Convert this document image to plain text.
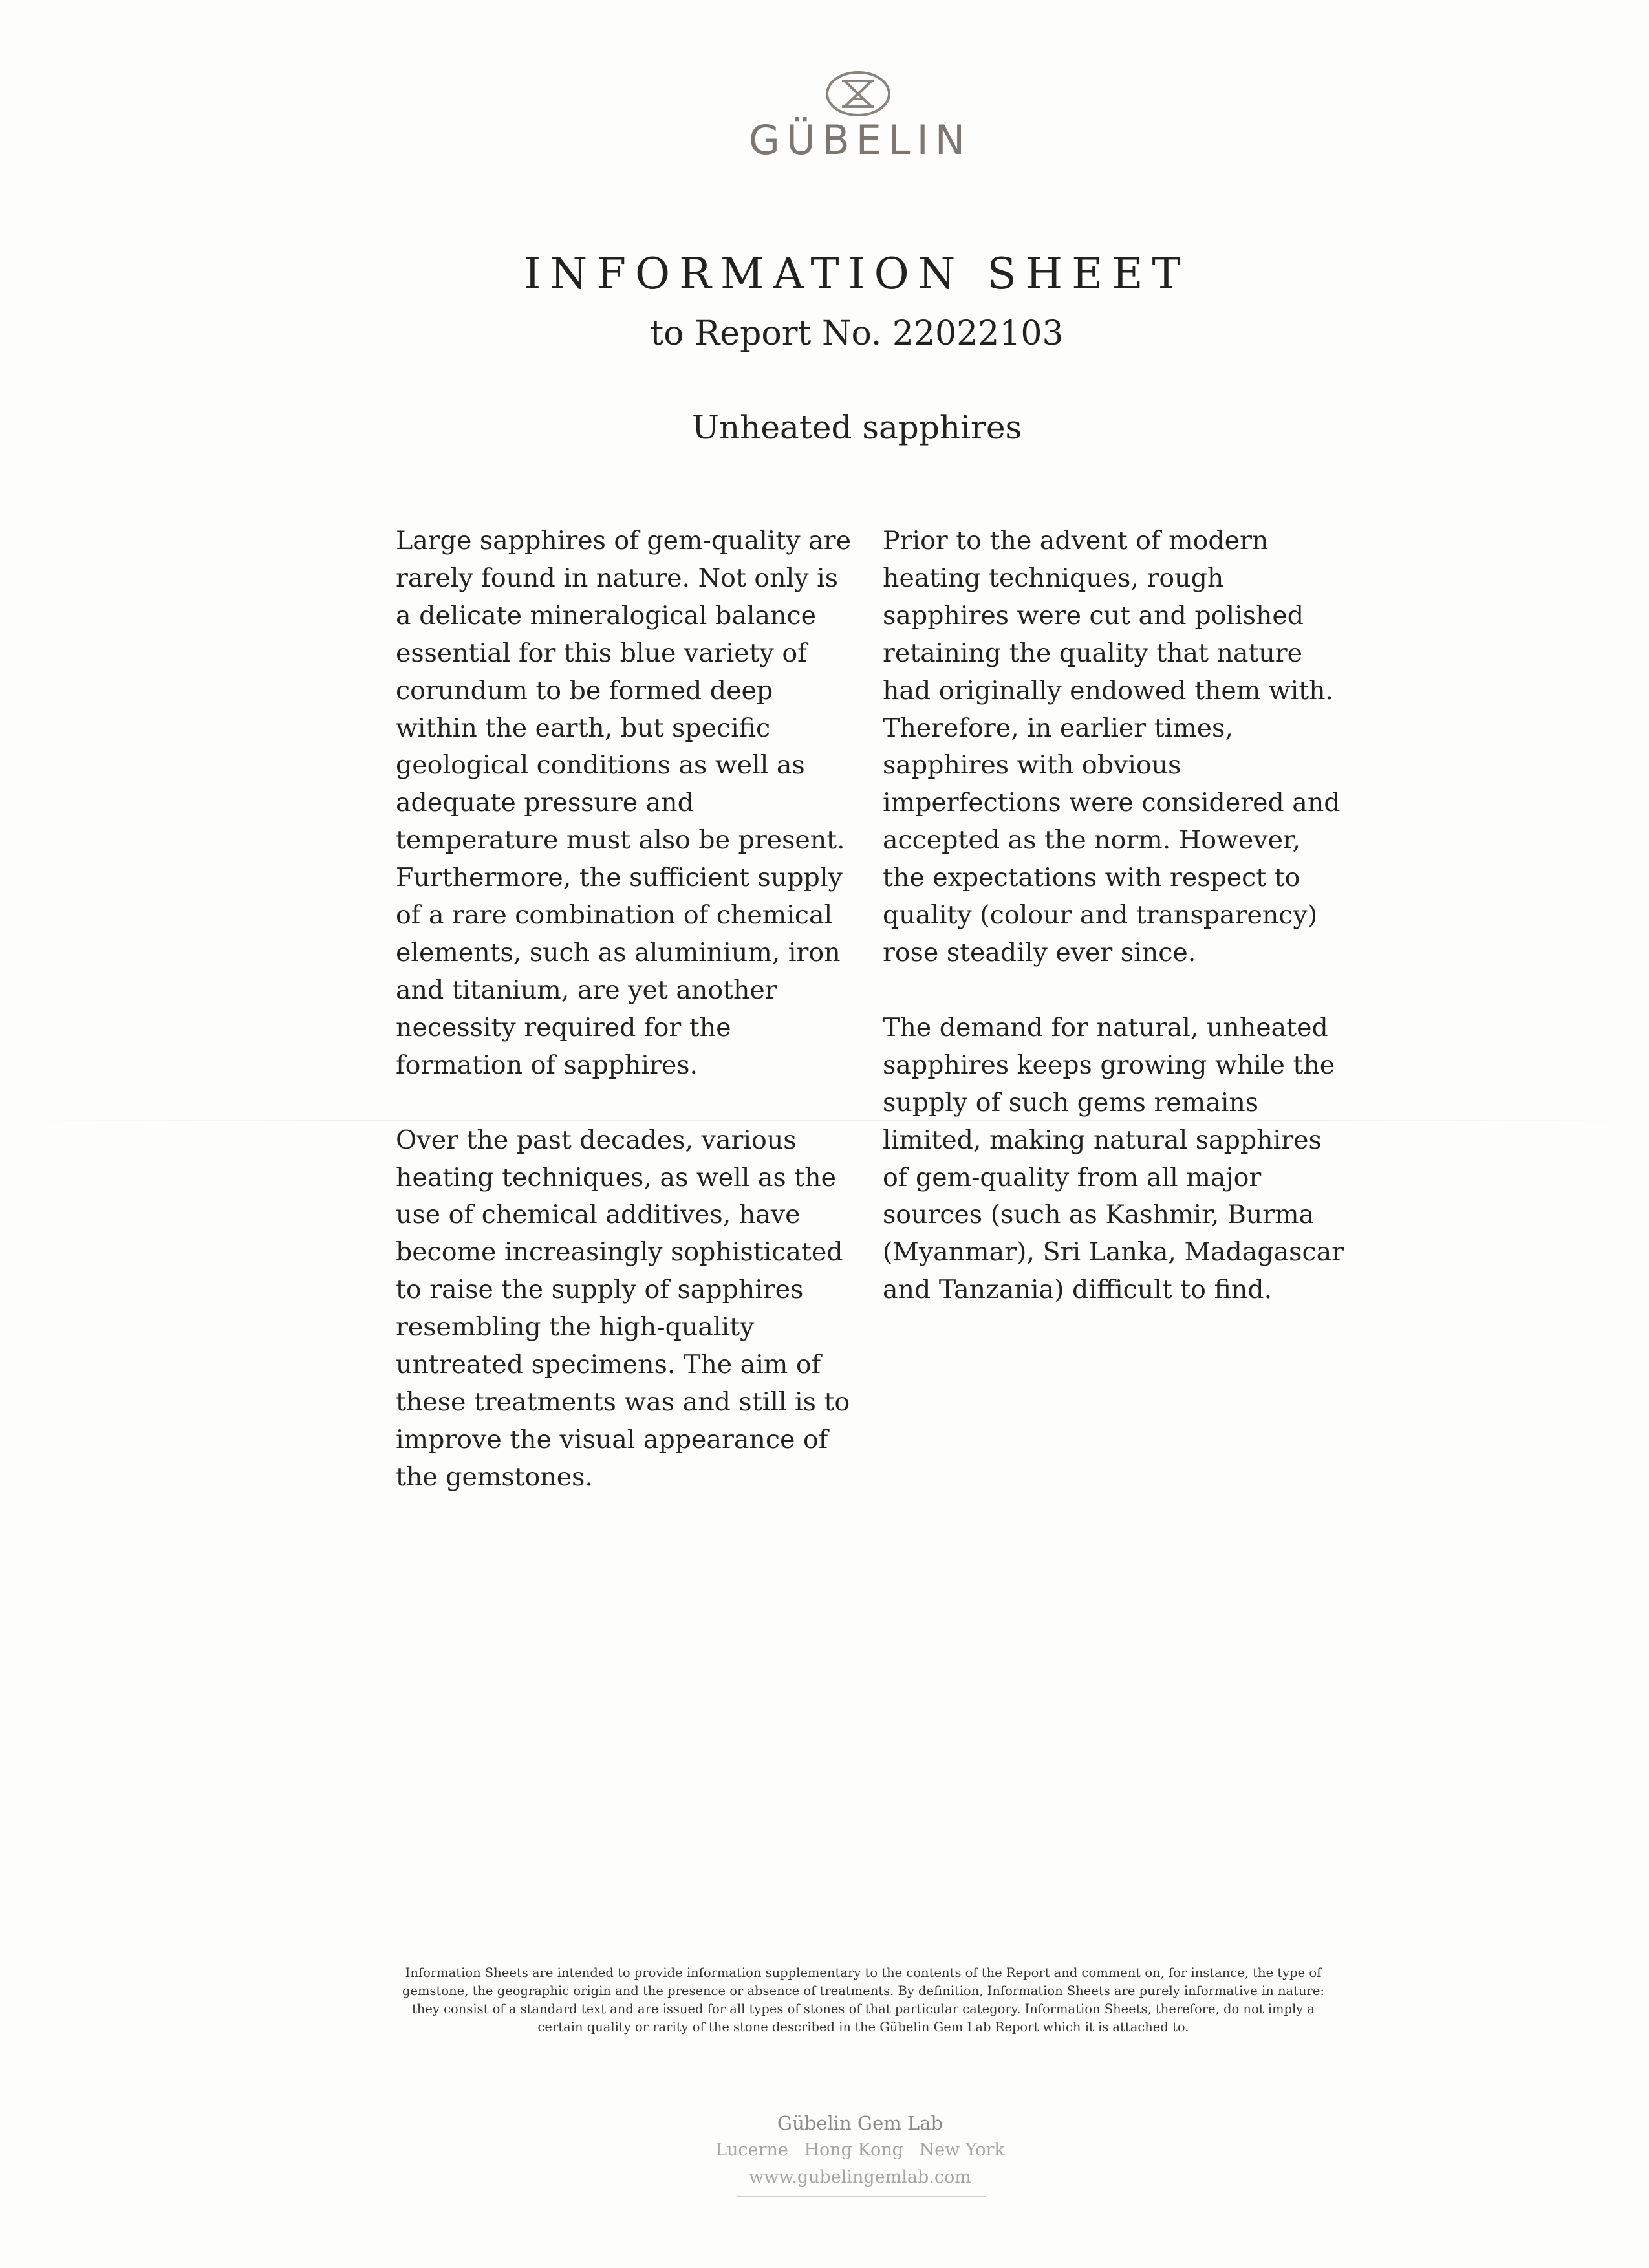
GÜBELIN
INFORMATION SHEET
to Report No. 22022103
Unheated sapphires

Large sapphires of gem-quality are rarely found in nature. Not only is a delicate mineralogical balance essential for this blue variety of corundum to be formed deep within the earth, but specific geological conditions as well as adequate pressure and temperature must also be present. Furthermore, the sufficient supply of a rare combination of chemical elements, such as aluminium, iron and titanium, are yet another necessity required for the formation of sapphires.

Over the past decades, various heating techniques, as well as the use of chemical additives, have become increasingly sophisticated to raise the supply of sapphires resembling the high-quality untreated specimens. The aim of these treatments was and still is to improve the visual appearance of the gemstones.

Prior to the advent of modern heating techniques, rough sapphires were cut and polished retaining the quality that nature had originally endowed them with. Therefore, in earlier times, sapphires with obvious imperfections were considered and accepted as the norm. However, the expectations with respect to quality (colour and transparency) rose steadily ever since.

The demand for natural, unheated sapphires keeps growing while the supply of such gems remains limited, making natural sapphires of gem-quality from all major sources (such as Kashmir, Burma (Myanmar), Sri Lanka, Madagascar and Tanzania) difficult to find.

Information Sheets are intended to provide information supplementary to the contents of the Report and comment on, for instance, the type of gemstone, the geographic origin and the presence or absence of treatments. By definition, Information Sheets are purely informative in nature: they consist of a standard text and are issued for all types of stones of that particular category. Information Sheets, therefore, do not imply a certain quality or rarity of the stone described in the Gübelin Gem Lab Report which it is attached to.
Gübelin Gem Lab
Lucerne Hong Kong New York
www.gubelingemlab.com
